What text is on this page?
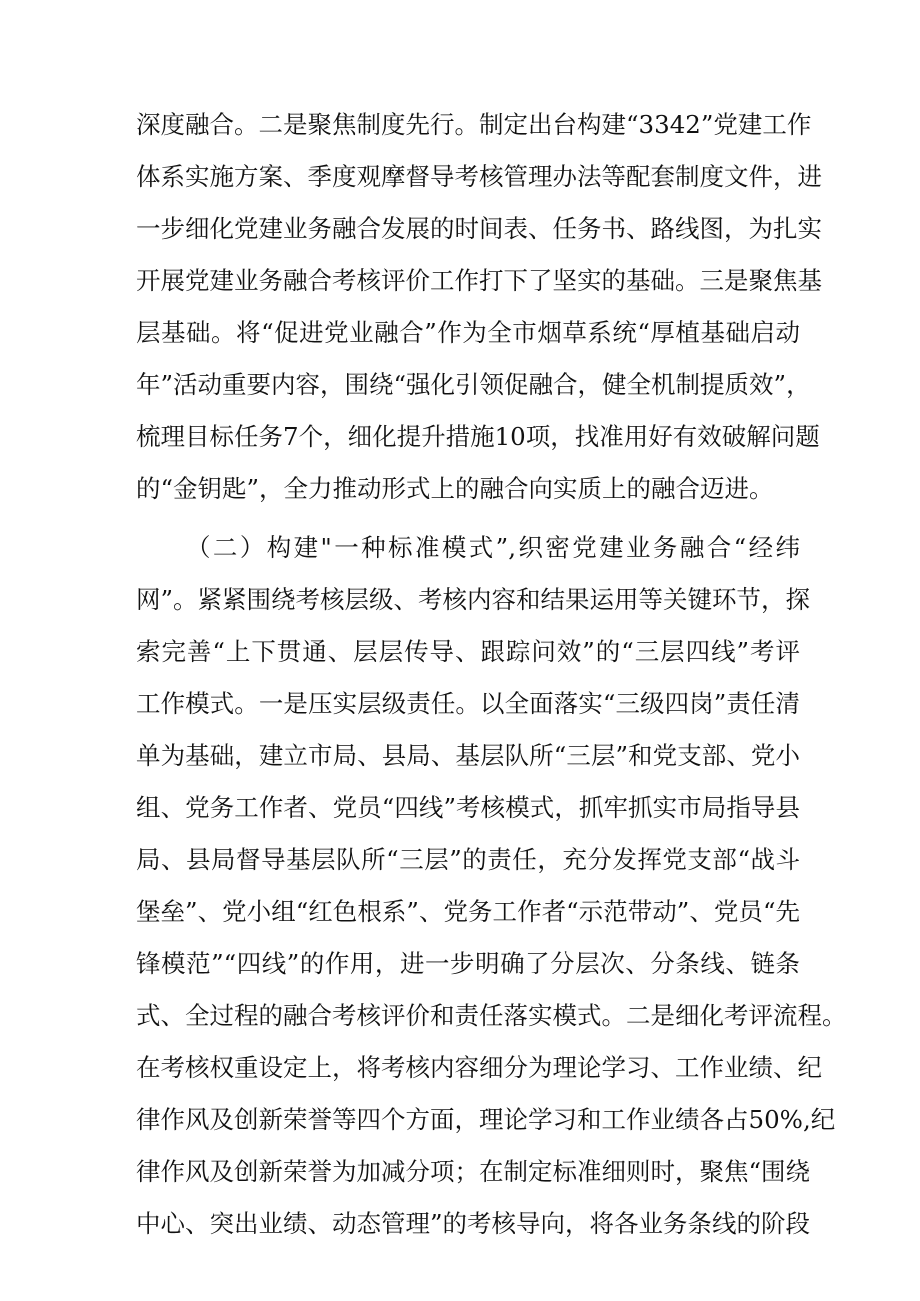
深度融合。二是聚焦制度先行。制定出台构建“3342”党建工作
体系实施方案、季度观摩督导考核管理办法等配套制度文件，进
一步细化党建业务融合发展的时间表、任务书、路线图，为扎实
开展党建业务融合考核评价工作打下了坚实的基础。三是聚焦基
层基础。将“促进党业融合”作为全市烟草系统“厚植基础启动
年”活动重要内容，围绕“强化引领促融合，健全机制提质效”，
梳理目标任务7个，细化提升措施10项，找准用好有效破解问题
的“金钥匙”，全力推动形式上的融合向实质上的融合迈进。
（二）构建"一种标准模式”,织密党建业务融合“经纬
网”。紧紧围绕考核层级、考核内容和结果运用等关键环节，探
索完善“上下贯通、层层传导、跟踪问效”的“三层四线”考评
工作模式。一是压实层级责任。以全面落实“三级四岗”责任清
单为基础，建立市局、县局、基层队所“三层”和党支部、党小
组、党务工作者、党员“四线”考核模式，抓牢抓实市局指导县
局、县局督导基层队所“三层”的责任，充分发挥党支部“战斗
堡垒”、党小组“红色根系”、党务工作者“示范带动”、党员“先
锋模范”“四线”的作用，进一步明确了分层次、分条线、链条
式、全过程的融合考核评价和责任落实模式。二是细化考评流程。
在考核权重设定上，将考核内容细分为理论学习、工作业绩、纪
律作风及创新荣誉等四个方面，理论学习和工作业绩各占50%,纪
律作风及创新荣誉为加减分项；在制定标准细则时，聚焦“围绕
中心、突出业绩、动态管理”的考核导向，将各业务条线的阶段
